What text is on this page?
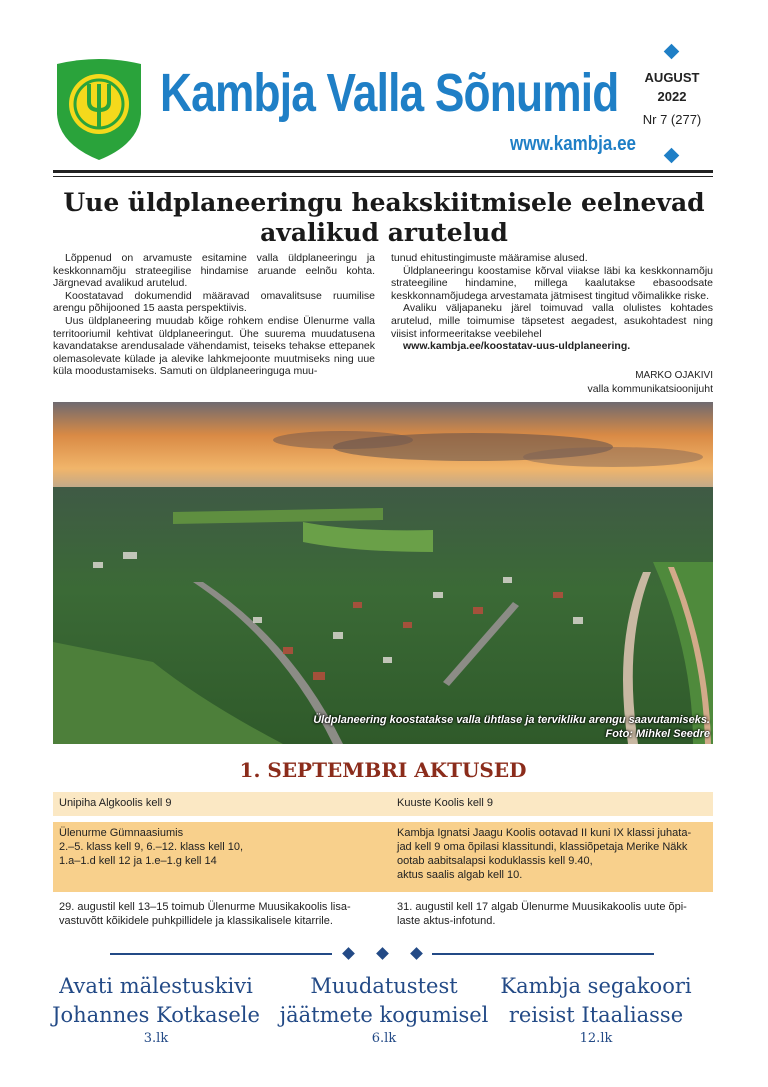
Kambja Valla Sõnumid
www.kambja.ee
AUGUST
2022
Nr 7 (277)
Uue üldplaneeringu heakskiitmisele eelnevad avalikud arutelud

Lõppenud on arvamuste esitamine valla üldplaneeringu ja keskkonnamõju strateegilise hindamise aruande eelnõu kohta. Järgnevad avalikud arutelud.

Koostatavad dokumendid määravad omavalitsuse ruumilise arengu põhijooned 15 aasta perspektiivis.

Uus üldplaneering muudab kõige rohkem endise Ülenurme valla territooriumil kehtivat üldplaneeringut. Ühe suurema muudatusena kavandatakse arendusalade vähendamist, teiseks tehakse ettepanek olemasolevate külade ja alevike lahkmejoonte muutmiseks ning uue küla moodustamiseks. Samuti on üldplaneeringuga muu-

tunud ehitustingimuste määramise alused.

Üldplaneeringu koostamise kõrval viiakse läbi ka keskkonnamõju strateegiline hindamine, millega kaalutakse ebasoodsate keskkonnamõjudega arvestamata jätmisest tingitud võimalikke riske.

Avaliku väljapaneku järel toimuvad valla olulistes kohtades arutelud, mille toimumise täpsetest aegadest, asukohtadest ning viisist informeeritakse veebilehel

www.kambja.ee/koostatav-uus-uldplaneering.

MARKO OJAKIVI
valla kommunikatsioonijuht
Üldplaneering koostatakse valla ühtlase ja tervikliku arengu saavutamiseks.
Foto: Mihkel Seedre
1. SEPTEMBRI AKTUSED
Unipiha Algkoolis kell 9	Kuuste Koolis kell 9
Ülenurme Gümnaasiumis
2.–5. klass kell 9, 6.–12. klass kell 10,
1.a–1.d kell 12 ja 1.e–1.g kell 14
Kambja Ignatsi Jaagu Koolis ootavad II kuni IX klassi juhata-
jad kell 9 oma õpilasi klassitundi, klassiõpetaja Merike Näkk
ootab aabitsalapsi koduklassis kell 9.40,
aktus saalis algab kell 10.
29. augustil kell 13–15 toimub Ülenurme Muusikakoolis lisa-
vastuvõtt kõikidele puhkpillidele ja klassikalisele kitarrile.
31. augustil kell 17 algab Ülenurme Muusikakoolis uute õpi-
laste aktus-infotund.
Avati mälestuskivi
Johannes Kotkasele
3.lk
Muudatustest
jäätmete kogumisel
6.lk
Kambja segakoori
reisist Itaaliasse
12.lk
